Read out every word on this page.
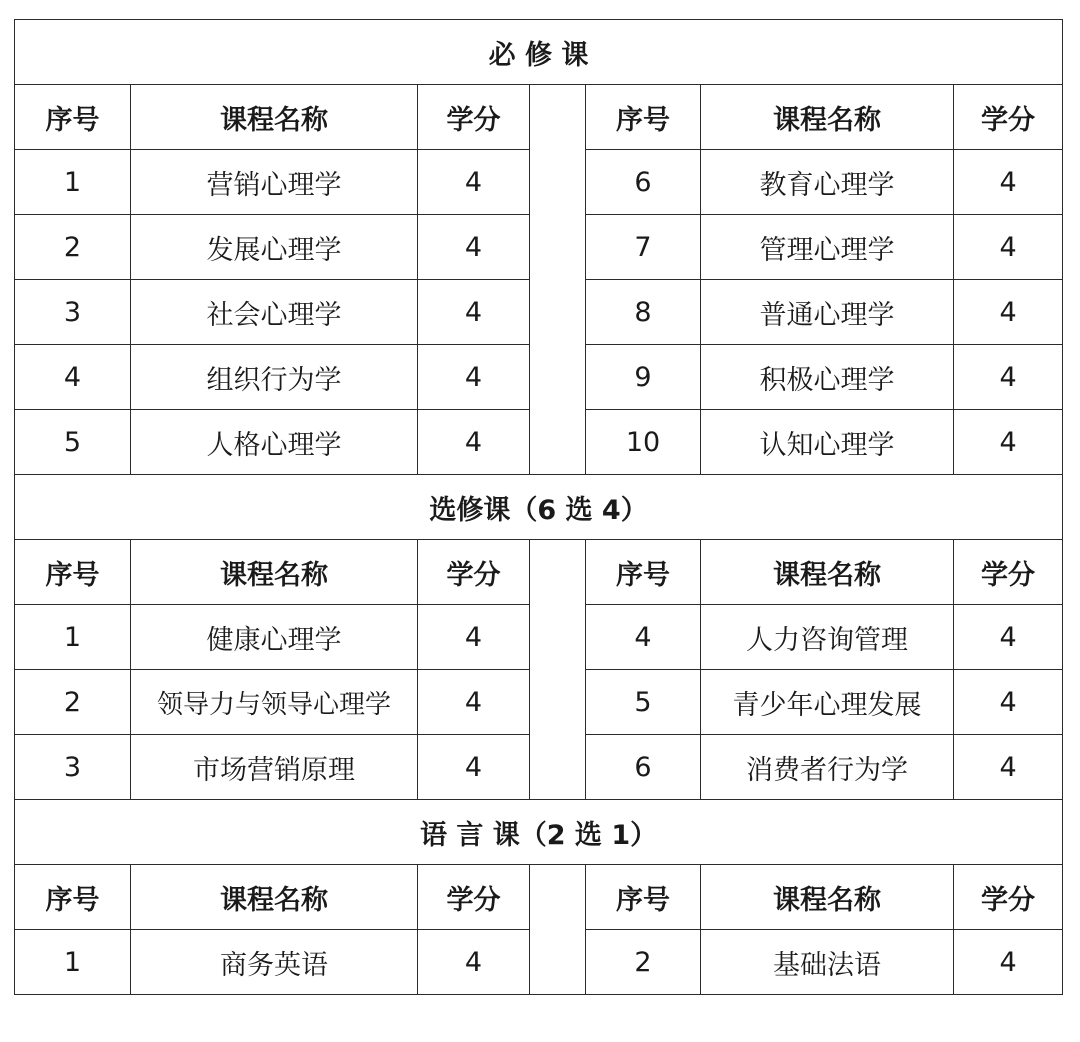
必 修 课						
序号	课程名称	学分		序号	课程名称	学分
1	营销心理学	4		6	教育心理学	4
2	发展心理学	4		7	管理心理学	4
3	社会心理学	4		8	普通心理学	4
4	组织行为学	4		9	积极心理学	4
5	人格心理学	4		10	认知心理学	4
选修课（6 选 4）						
序号	课程名称	学分		序号	课程名称	学分
1	健康心理学	4		4	人力咨询管理	4
2	领导力与领导心理学	4		5	青少年心理发展	4
3	市场营销原理	4		6	消费者行为学	4
语 言 课（2 选 1）						
序号	课程名称	学分		序号	课程名称	学分
1	商务英语	4		2	基础法语	4
